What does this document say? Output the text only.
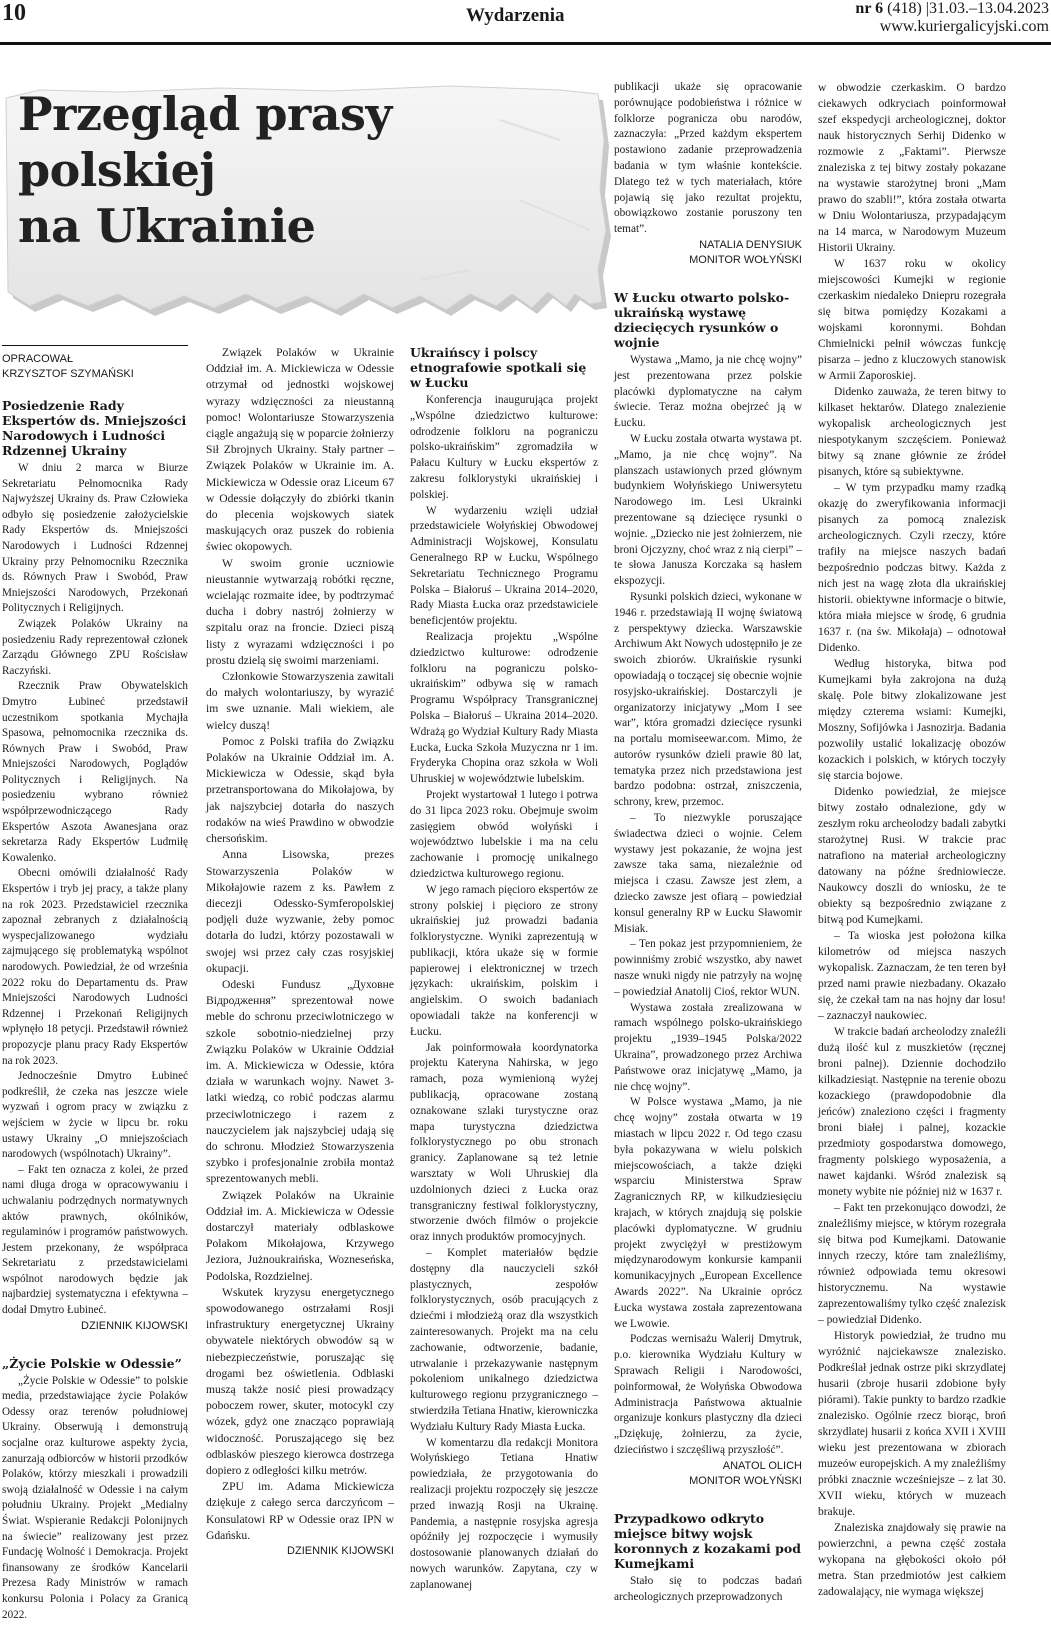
10	Wydarzenia	nr 6 (418) |31.03.–13.04.2023
www.kuriergalicyjski.com
Przegląd prasy
polskiej
na Ukrainie
OPRACOWAŁ
KRZYSZTOF SZYMAŃSKI
Posiedzenie Rady Ekspertów ds. Mniejszości Narodowych i Ludności Rdzennej Ukrainy

W dniu 2 marca w Biurze Sekretariatu Pełnomocnika Rady Najwyższej Ukrainy ds. Praw Człowieka odbyło się posiedzenie założycielskie Rady Ekspertów ds. Mniejszości Narodowych i Ludności Rdzennej Ukrainy przy Pełnomocniku Rzecznika ds. Równych Praw i Swobód, Praw Mniejszości Narodowych, Przekonań Politycznych i Religijnych.

Związek Polaków Ukrainy na posiedzeniu Rady reprezentował członek Zarządu Głównego ZPU Rościsław Raczyński.

Rzecznik Praw Obywatelskich Dmytro Łubineć przedstawił uczestnikom spotkania Mychajła Spasowa, pełnomocnika rzecznika ds. Równych Praw i Swobód, Praw Mniejszości Narodowych, Poglądów Politycznych i Religijnych. Na posiedzeniu wybrano również współprzewodniczącego Rady Ekspertów Aszota Awanesjana oraz sekretarza Rady Ekspertów Ludmiłę Kowalenko.

Obecni omówili działalność Rady Ekspertów i tryb jej pracy, a także plany na rok 2023. Przedstawiciel rzecznika zapoznał zebranych z działalnością wyspecjalizowanego wydziału zajmującego się problematyką wspólnot narodowych. Powiedział, że od września 2022 roku do Departamentu ds. Praw Mniejszości Narodowych Ludności Rdzennej i Przekonań Religijnych wpłynęło 18 petycji. Przedstawił również propozycje planu pracy Rady Ekspertów na rok 2023.

Jednocześnie Dmytro Łubineć podkreślił, że czeka nas jeszcze wiele wyzwań i ogrom pracy w związku z wejściem w życie w lipcu br. roku ustawy Ukrainy „O mniejszościach narodowych (wspólnotach) Ukrainy”.

– Fakt ten oznacza z kolei, że przed nami długa droga w opracowywaniu i uchwalaniu podrzędnych normatywnych aktów prawnych, okólników, regulaminów i programów państwowych. Jestem przekonany, że współpraca Sekretariatu z przedstawicielami wspólnot narodowych będzie jak najbardziej systematyczna i efektywna – dodał Dmytro Łubineć.

DZIENNIK KIJOWSKI
„Życie Polskie w Odessie”

„Życie Polskie w Odessie” to polskie media, przedstawiające życie Polaków Odessy oraz terenów południowej Ukrainy. Obserwują i demonstrują socjalne oraz kulturowe aspekty życia, zanurzają odbiorców w historii przodków Polaków, którzy mieszkali i prowadzili swoją działalność w Odessie i na całym południu Ukrainy. Projekt „Medialny Świat. Wspieranie Redakcji Polonijnych na świecie” realizowany jest przez Fundację Wolność i Demokracja. Projekt finansowany ze środków Kancelarii Prezesa Rady Ministrów w ramach konkursu Polonia i Polacy za Granicą 2022.

Związek Polaków w Ukrainie Oddział im. A. Mickiewicza w Odessie otrzymał od jednostki wojskowej wyrazy wdzięczności za nieustanną pomoc! Wolontariusze Stowarzyszenia ciągle angażują się w poparcie żołnierzy Sił Zbrojnych Ukrainy. Stały partner – Związek Polaków w Ukrainie im. A. Mickiewicza w Odessie oraz Liceum 67 w Odessie dołączyły do zbiórki tkanin do plecenia wojskowych siatek maskujących oraz puszek do robienia świec okopowych.

W swoim gronie uczniowie nieustannie wytwarzają robótki ręczne, wcielając rozmaite idee, by podtrzymać ducha i dobry nastrój żołnierzy w szpitalu oraz na froncie. Dzieci piszą listy z wyrazami wdzięczności i po prostu dzielą się swoimi marzeniami.

Członkowie Stowarzyszenia zawitali do małych wolontariuszy, by wyrazić im swe uznanie. Mali wiekiem, ale wielcy duszą!

Pomoc z Polski trafiła do Związku Polaków na Ukrainie Oddział im. A. Mickiewicza w Odessie, skąd była przetransportowana do Mikołajowa, by jak najszybciej dotarła do naszych rodaków na wieś Prawdino w obwodzie chersońskim.

Anna Lisowska, prezes Stowarzyszenia Polaków w Mikołajowie razem z ks. Pawłem z diecezji Odessko-Symferopolskiej podjęli duże wyzwanie, żeby pomoc dotarła do ludzi, którzy pozostawali w swojej wsi przez cały czas rosyjskiej okupacji.

Odeski Fundusz „Духовне Відродження” sprezentował nowe meble do schronu przeciwlotniczego w szkole sobotnio-niedzielnej przy Związku Polaków w Ukrainie Oddział im. A. Mickiewicza w Odessie, która działa w warunkach wojny. Nawet 3-latki wiedzą, co robić podczas alarmu przeciwlotniczego i razem z nauczycielem jak najszybciej udają się do schronu. Młodzież Stowarzyszenia szybko i profesjonalnie zrobiła montaż sprezentowanych mebli.

Związek Polaków na Ukrainie Oddział im. A. Mickiewicza w Odessie dostarczył materiały odblaskowe Polakom Mikołajowa, Krzywego Jeziora, Jużnoukraińska, Wozneseńska, Podolska, Rozdzielnej.

Wskutek kryzysu energetycznego spowodowanego ostrzałami Rosji infrastruktury energetycznej Ukrainy obywatele niektórych obwodów są w niebezpieczeństwie, poruszając się drogami bez oświetlenia. Odblaski muszą także nosić piesi prowadzący poboczem rower, skuter, motocykl czy wózek, gdyż one znacząco poprawiają widoczność. Poruszającego się bez odblasków pieszego kierowca dostrzega dopiero z odległości kilku metrów.

ZPU im. Adama Mickiewicza dziękuje z całego serca darczyńcom – Konsulatowi RP w Odessie oraz IPN w Gdańsku.

DZIENNIK KIJOWSKI
Ukraińscy i polscy etnografowie spotkali się w Łucku

Konferencja inaugurująca projekt „Wspólne dziedzictwo kulturowe: odrodzenie folkloru na pograniczu polsko-ukraińskim” zgromadziła w Pałacu Kultury w Łucku ekspertów z zakresu folklorystyki ukraińskiej i polskiej.

W wydarzeniu wzięli udział przedstawiciele Wołyńskiej Obwodowej Administracji Wojskowej, Konsulatu Generalnego RP w Łucku, Wspólnego Sekretariatu Technicznego Programu Polska – Białoruś – Ukraina 2014–2020, Rady Miasta Łucka oraz przedstawiciele beneficjentów projektu.

Realizacja projektu „Wspólne dziedzictwo kulturowe: odrodzenie folkloru na pograniczu polsko-ukraińskim” odbywa się w ramach Programu Współpracy Transgranicznej Polska – Białoruś – Ukraina 2014–2020. Wdrażą go Wydział Kultury Rady Miasta Łucka, Łucka Szkoła Muzyczna nr 1 im. Fryderyka Chopina oraz szkoła w Woli Uhruskiej w województwie lubelskim.

Projekt wystartował 1 lutego i potrwa do 31 lipca 2023 roku. Obejmuje swoim zasięgiem obwód wołyński i województwo lubelskie i ma na celu zachowanie i promocję unikalnego dziedzictwa kulturowego regionu.

W jego ramach pięcioro ekspertów ze strony polskiej i pięcioro ze strony ukraińskiej już prowadzi badania folklorystyczne. Wyniki zaprezentują w publikacji, która ukaże się w formie papierowej i elektronicznej w trzech językach: ukraińskim, polskim i angielskim. O swoich badaniach opowiadali także na konferencji w Łucku.

Jak poinformowała koordynatorka projektu Kateryna Nahirska, w jego ramach, poza wymienioną wyżej publikacją, opracowane zostaną oznakowane szlaki turystyczne oraz mapa turystyczna dziedzictwa folklorystycznego po obu stronach granicy. Zaplanowane są też letnie warsztaty w Woli Uhruskiej dla uzdolnionych dzieci z Łucka oraz transgraniczny festiwal folklorystyczny, stworzenie dwóch filmów o projekcie oraz innych produktów promocyjnych.

– Komplet materiałów będzie dostępny dla nauczycieli szkół plastycznych, zespołów folklorystycznych, osób pracujących z dziećmi i młodzieżą oraz dla wszystkich zainteresowanych. Projekt ma na celu zachowanie, odtworzenie, badanie, utrwalanie i przekazywanie następnym pokoleniom unikalnego dziedzictwa kulturowego regionu przygranicznego – stwierdziła Tetiana Hnatiw, kierowniczka Wydziału Kultury Rady Miasta Łucka.

W komentarzu dla redakcji Monitora Wołyńskiego Tetiana Hnatiw powiedziała, że przygotowania do realizacji projektu rozpoczęły się jeszcze przed inwazją Rosji na Ukrainę. Pandemia, a następnie rosyjska agresja opóźniły jej rozpoczęcie i wymusiły dostosowanie planowanych działań do nowych warunków. Zapytana, czy w zaplanowanej

publikacji ukaże się opracowanie porównujące podobieństwa i różnice w folklorze pogranicza obu narodów, zaznaczyła: „Przed każdym ekspertem postawiono zadanie przeprowadzenia badania w tym właśnie kontekście. Dlatego też w tych materiałach, które pojawią się jako rezultat projektu, obowiązkowo zostanie poruszony ten temat”.

NATALIA DENYSIUK
MONITOR WOŁYŃSKI
W Łucku otwarto polsko-ukraińską wystawę dziecięcych rysunków o wojnie

Wystawa „Mamo, ja nie chcę wojny” jest prezentowana przez polskie placówki dyplomatyczne na całym świecie. Teraz można obejrzeć ją w Łucku.

W Łucku została otwarta wystawa pt. „Mamo, ja nie chcę wojny”. Na planszach ustawionych przed głównym budynkiem Wołyńskiego Uniwersytetu Narodowego im. Lesi Ukrainki prezentowane są dziecięce rysunki o wojnie. „Dziecko nie jest żołnierzem, nie broni Ojczyzny, choć wraz z nią cierpi” – te słowa Janusza Korczaka są hasłem ekspozycji.

Rysunki polskich dzieci, wykonane w 1946 r. przedstawiają II wojnę światową z perspektywy dziecka. Warszawskie Archiwum Akt Nowych udostępniło je ze swoich zbiorów. Ukraińskie rysunki opowiadają o toczącej się obecnie wojnie rosyjsko-ukraińskiej. Dostarczyli je organizatorzy inicjatywy „Mom I see war”, która gromadzi dziecięce rysunki na portalu momiseewar.com. Mimo, że autorów rysunków dzieli prawie 80 lat, tematyka przez nich przedstawiona jest bardzo podobna: ostrzał, zniszczenia, schrony, krew, przemoc.

– To niezwykle poruszające świadectwa dzieci o wojnie. Celem wystawy jest pokazanie, że wojna jest zawsze taka sama, niezależnie od miejsca i czasu. Zawsze jest złem, a dziecko zawsze jest ofiarą – powiedział konsul generalny RP w Łucku Sławomir Misiak.

– Ten pokaz jest przypomnieniem, że powinniśmy zrobić wszystko, aby nawet nasze wnuki nigdy nie patrzyły na wojnę – powiedział Anatolij Cioś, rektor WUN.

Wystawa została zrealizowana w ramach wspólnego polsko-ukraińskiego projektu „1939–1945 Polska/2022 Ukraina”, prowadzonego przez Archiwa Państwowe oraz inicjatywę „Mamo, ja nie chcę wojny”.

W Polsce wystawa „Mamo, ja nie chcę wojny” została otwarta w 19 miastach w lipcu 2022 r. Od tego czasu była pokazywana w wielu polskich miejscowościach, a także dzięki wsparciu Ministerstwa Spraw Zagranicznych RP, w kilkudziesięciu krajach, w których znajdują się polskie placówki dyplomatyczne. W grudniu projekt zwyciężył w prestiżowym międzynarodowym konkursie kampanii komunikacyjnych „European Excellence Awards 2022”. Na Ukrainie oprócz Łucka wystawa została zaprezentowana we Lwowie.

Podczas wernisażu Walerij Dmytruk, p.o. kierownika Wydziału Kultury w Sprawach Religii i Narodowości, poinformował, że Wołyńska Obwodowa Administracja Państwowa aktualnie organizuje konkurs plastyczny dla dzieci „Dziękuję, żołnierzu, za życie, dzieciństwo i szczęśliwą przyszłość”.

ANATOL OLICH
MONITOR WOŁYŃSKI
Przypadkowo odkryto miejsce bitwy wojsk koronnych z kozakami pod Kumejkami

Stało się to podczas badań archeologicznych przeprowadzonych

w obwodzie czerkaskim. O bardzo ciekawych odkryciach poinformował szef ekspedycji archeologicznej, doktor nauk historycznych Serhij Didenko w rozmowie z „Faktami”. Pierwsze znaleziska z tej bitwy zostały pokazane na wystawie starożytnej broni „Mam prawo do szabli!”, która została otwarta w Dniu Wolontariusza, przypadającym na 14 marca, w Narodowym Muzeum Historii Ukrainy.

W 1637 roku w okolicy miejscowości Kumejki w regionie czerkaskim niedaleko Dniepru rozegrała się bitwa pomiędzy Kozakami a wojskami koronnymi. Bohdan Chmielnicki pełnił wówczas funkcję pisarza – jedno z kluczowych stanowisk w Armii Zaporoskiej.

Didenko zauważa, że teren bitwy to kilkaset hektarów. Dlatego znalezienie wykopalisk archeologicznych jest niespotykanym szczęściem. Ponieważ bitwy są znane głównie ze źródeł pisanych, które są subiektywne.

– W tym przypadku mamy rzadką okazję do zweryfikowania informacji pisanych za pomocą znalezisk archeologicznych. Czyli rzeczy, które trafiły na miejsce naszych badań bezpośrednio podczas bitwy. Każda z nich jest na wagę złota dla ukraińskiej historii. obiektywne informacje o bitwie, która miała miejsce w środę, 6 grudnia 1637 r. (na św. Mikołaja) – odnotował Didenko.

Według historyka, bitwa pod Kumejkami była zakrojona na dużą skalę. Pole bitwy zlokalizowane jest między czterema wsiami: Kumejki, Moszny, Sofijówka i Jasnozirja. Badania pozwoliły ustalić lokalizację obozów kozackich i polskich, w których toczyły się starcia bojowe.

Didenko powiedział, że miejsce bitwy zostało odnalezione, gdy w zeszłym roku archeolodzy badali zabytki starożytnej Rusi. W trakcie prac natrafiono na materiał archeologiczny datowany na późne średniowiecze. Naukowcy doszli do wniosku, że te obiekty są bezpośrednio związane z bitwą pod Kumejkami.

– Ta wioska jest położona kilka kilometrów od miejsca naszych wykopalisk. Zaznaczam, że ten teren był przed nami prawie niezbadany. Okazało się, że czekał tam na nas hojny dar losu! – zaznaczył naukowiec.

W trakcie badań archeolodzy znaleźli dużą ilość kul z muszkietów (ręcznej broni palnej). Dziennie dochodziło kilkadziesiąt. Następnie na terenie obozu kozackiego (prawdopodobnie dla jeńców) znaleziono części i fragmenty broni białej i palnej, kozackie przedmioty gospodarstwa domowego, fragmenty polskiego wyposażenia, a nawet kajdanki. Wśród znalezisk są monety wybite nie później niż w 1637 r.

– Fakt ten przekonująco dowodzi, że znaleźliśmy miejsce, w którym rozegrała się bitwa pod Kumejkami. Datowanie innych rzeczy, które tam znaleźliśmy, również odpowiada temu okresowi historycznemu. Na wystawie zaprezentowaliśmy tylko część znalezisk – powiedział Didenko.

Historyk powiedział, że trudno mu wyróżnić najciekawsze znalezisko. Podkreślał jednak ostrze piki skrzydlatej husarii (zbroje husarii zdobione były piórami). Takie punkty to bardzo rzadkie znalezisko. Ogólnie rzecz biorąc, broń skrzydlatej husarii z końca XVII i XVIII wieku jest prezentowana w zbiorach muzeów europejskich. A my znaleźliśmy próbki znacznie wcześniejsze – z lat 30. XVII wieku, których w muzeach brakuje.

Znaleziska znajdowały się prawie na powierzchni, a pewna część została wykopana na głębokości około pół metra. Stan przedmiotów jest całkiem zadowalający, nie wymaga większej
